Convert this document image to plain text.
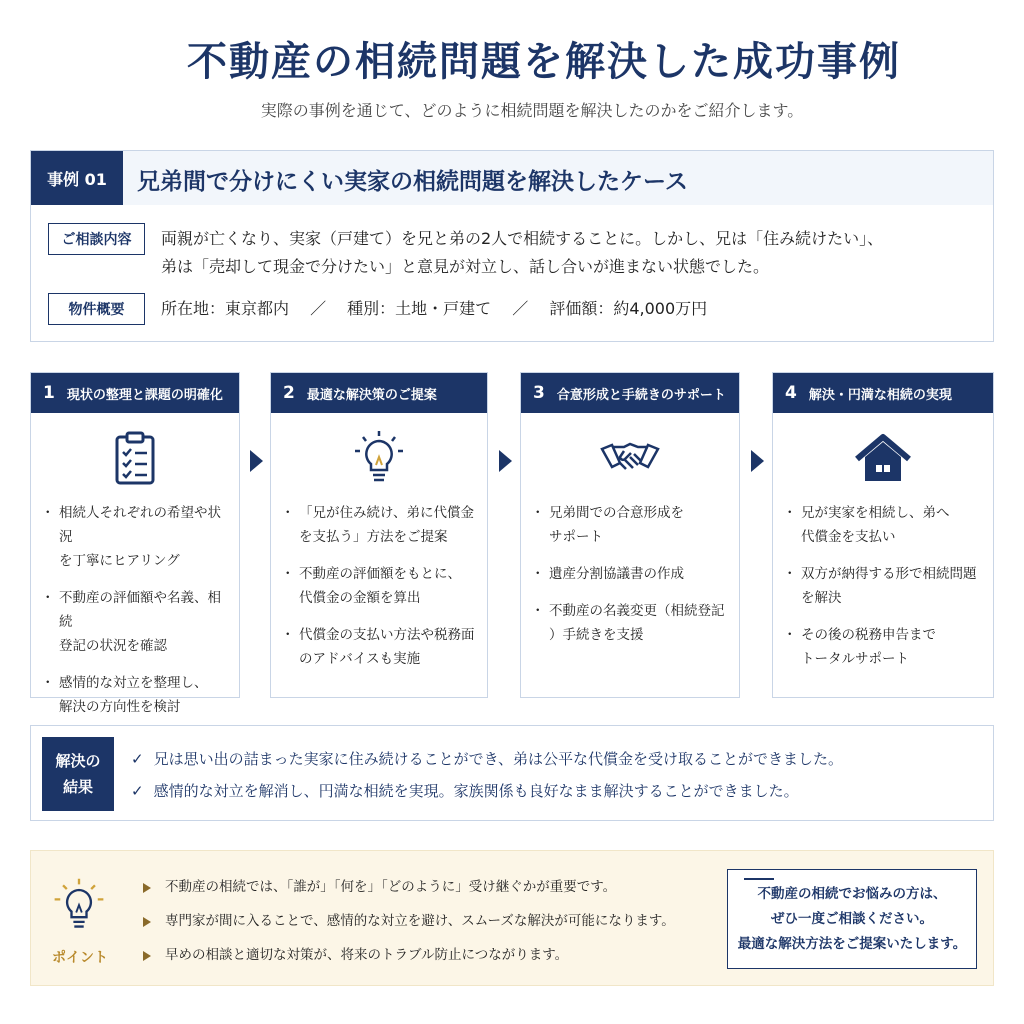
不動産の相続問題を解決した成功事例
実際の事例を通じて、どのように相続問題を解決したのかをご紹介します。
事例 01	兄弟間で分けにくい実家の相続問題を解決したケース
ご相談内容	両親が亡くなり、実家（戸建て）を兄と弟の2人で相続することに。しかし、兄は「住み続けたい」、
弟は「売却して現金で分けたい」と意見が対立し、話し合いが進まない状態でした。
物件概要	所在地：東京都内　 ／　 種別：土地・戸建て　 ／　 評価額：約4,000万円
1 現状の整理と課題の明確化
・ 相続人それぞれの希望や状況
を丁寧にヒアリング
・ 不動産の評価額や名義、相続
登記の状況を確認
・ 感情的な対立を整理し、
解決の方向性を検討
2 最適な解決策のご提案
・ 「兄が住み続け、弟に代償金
を支払う」方法をご提案
・ 不動産の評価額をもとに、
代償金の金額を算出
・ 代償金の支払い方法や税務面
のアドバイスも実施
3 合意形成と手続きのサポート
・ 兄弟間での合意形成を
サポート
・ 遺産分割協議書の作成
・ 不動産の名義変更（相続登記
）手続きを支援
4 解決・円満な相続の実現
・ 兄が実家を相続し、弟へ
代償金を支払い
・ 双方が納得する形で相続問題
を解決
・ その後の税務申告まで
トータルサポート
解決の
結果
✓ 兄は思い出の詰まった実家に住み続けることができ、弟は公平な代償金を受け取ることができました。
✓ 感情的な対立を解消し、円満な相続を実現。家族関係も良好なまま解決することができました。
ポイント
不動産の相続では、「誰が」「何を」「どのように」受け継ぐかが重要です。
専門家が間に入ることで、感情的な対立を避け、スムーズな解決が可能になります。
早めの相談と適切な対策が、将来のトラブル防止につながります。
不動産の相続でお悩みの方は、
ぜひ一度ご相談ください。
最適な解決方法をご提案いたします。
